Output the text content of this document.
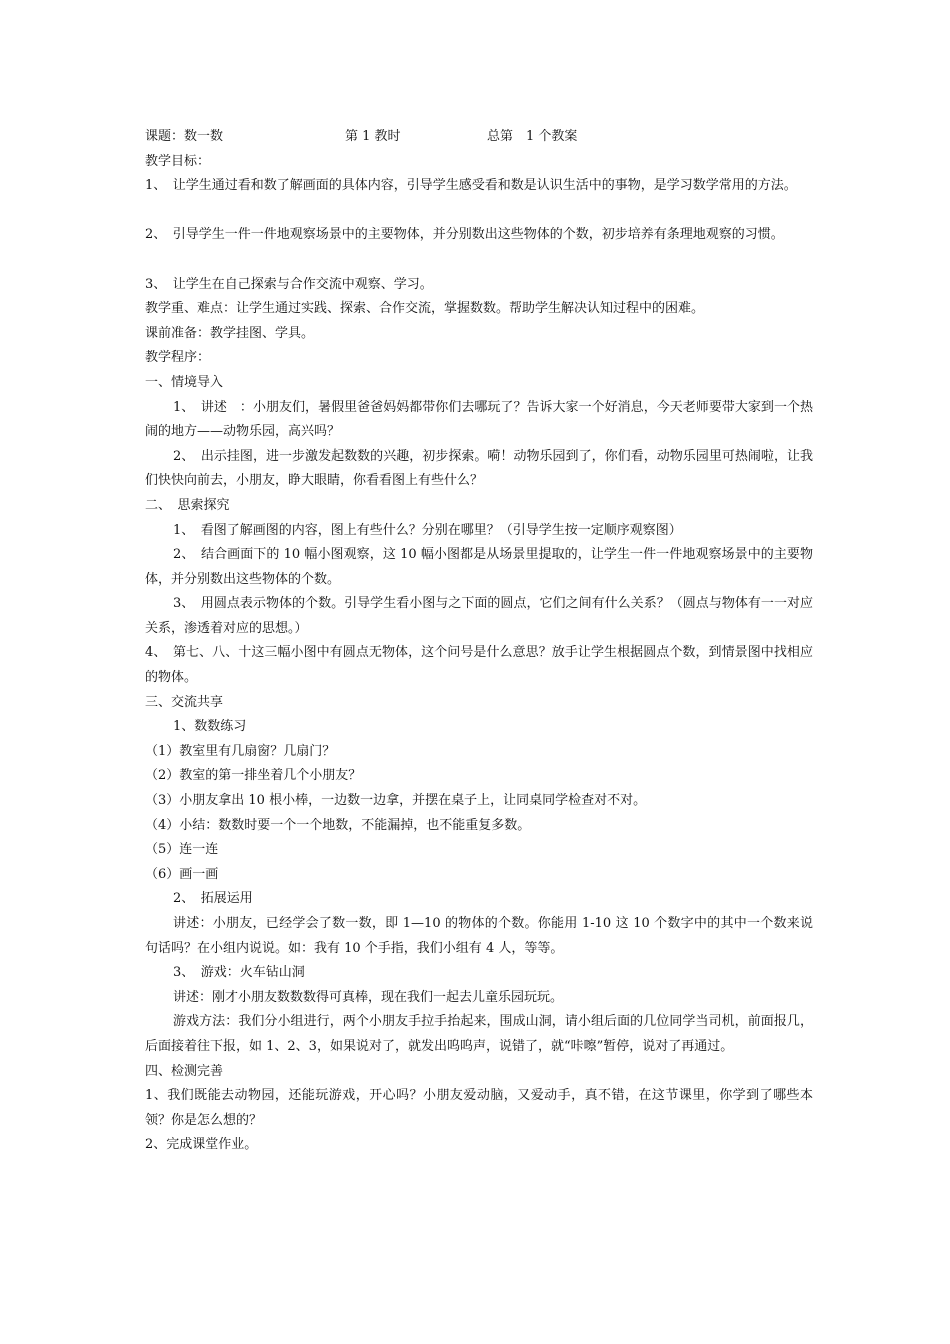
课题：数一数	第 1 教时	总第　1 个教案
教学目标：
1、　让学生通过看和数了解画面的具体内容，引导学生感受看和数是认识生活中的事物，是学习数学常用的方法。
2、　引导学生一件一件地观察场景中的主要物体，并分别数出这些物体的个数，初步培养有条理地观察的习惯。
3、　让学生在自己探索与合作交流中观察、学习。
教学重、难点：让学生通过实践、探索、合作交流，掌握数数。帮助学生解决认知过程中的困难。
课前准备：教学挂图、学具。
教学程序：
一、情境导入
1、　讲述　：小朋友们，暑假里爸爸妈妈都带你们去哪玩了？告诉大家一个好消息，今天老师要带大家到一个热闹的地方——动物乐园，高兴吗？
2、　出示挂图，进一步激发起数数的兴趣，初步探索。嗬！动物乐园到了，你们看，动物乐园里可热闹啦，让我们快快向前去，小朋友，睁大眼睛，你看看图上有些什么？
二、　思索探究
1、　看图了解画图的内容，图上有些什么？分别在哪里？（引导学生按一定顺序观察图）
2、　结合画面下的 10 幅小图观察，这 10 幅小图都是从场景里提取的，让学生一件一件地观察场景中的主要物体，并分别数出这些物体的个数。
3、　用圆点表示物体的个数。引导学生看小图与之下面的圆点，它们之间有什么关系？（圆点与物体有一一对应关系，渗透着对应的思想。）
4、　第七、八、十这三幅小图中有圆点无物体，这个问号是什么意思？放手让学生根据圆点个数，到情景图中找相应的物体。
三、交流共享
1、数数练习
（1）教室里有几扇窗？几扇门？
（2）教室的第一排坐着几个小朋友？
（3）小朋友拿出 10 根小棒，一边数一边拿，并摆在桌子上，让同桌同学检查对不对。
（4）小结：数数时要一个一个地数，不能漏掉，也不能重复多数。
（5）连一连
（6）画一画
2、　拓展运用
讲述：小朋友，已经学会了数一数，即 1—10 的物体的个数。你能用 1-10 这 10 个数字中的其中一个数来说句话吗？在小组内说说。如：我有 10 个手指，我们小组有 4 人，等等。
3、　游戏：火车钻山洞
讲述：刚才小朋友数数数得可真棒，现在我们一起去儿童乐园玩玩。
游戏方法：我们分小组进行，两个小朋友手拉手抬起来，围成山洞，请小组后面的几位同学当司机，前面报几，后面接着往下报，如 1、2、3，如果说对了，就发出呜呜声，说错了，就“咔嚓”暂停，说对了再通过。
四、检测完善
1、我们既能去动物园，还能玩游戏，开心吗？小朋友爱动脑，又爱动手，真不错，在这节课里，你学到了哪些本领？你是怎么想的？
2、完成课堂作业。
